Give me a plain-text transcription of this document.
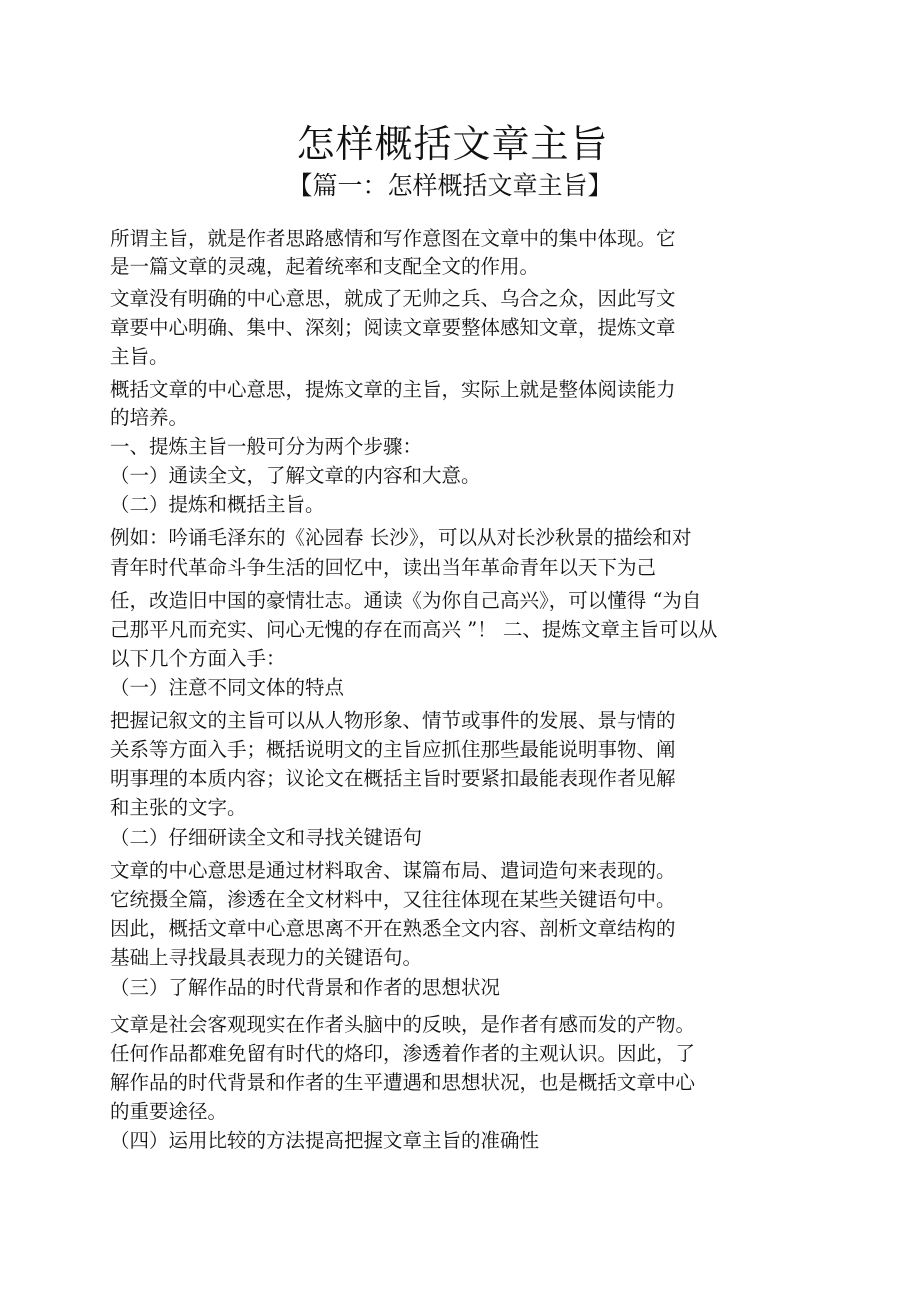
怎样概括文章主旨
【篇一：怎样概括文章主旨】
所谓主旨，就是作者思路感情和写作意图在文章中的集中体现。它
是一篇文章的灵魂，起着统率和支配全文的作用。
文章没有明确的中心意思，就成了无帅之兵、乌合之众，因此写文
章要中心明确、集中、深刻；阅读文章要整体感知文章，提炼文章
主旨。
概括文章的中心意思，提炼文章的主旨，实际上就是整体阅读能力
的培养。
一、提炼主旨一般可分为两个步骤：
（一）通读全文，了解文章的内容和大意。
（二）提炼和概括主旨。
例如：吟诵毛泽东的《沁园春 长沙》，可以从对长沙秋景的描绘和对
青年时代革命斗争生活的回忆中，读出当年革命青年以天下为己
任，改造旧中国的豪情壮志。通读《为你自己高兴》，可以懂得 “为自
己那平凡而充实、问心无愧的存在而高兴 ”！ 二、提炼文章主旨可以从
以下几个方面入手：
（一）注意不同文体的特点
把握记叙文的主旨可以从人物形象、情节或事件的发展、景与情的
关系等方面入手；概括说明文的主旨应抓住那些最能说明事物、阐
明事理的本质内容；议论文在概括主旨时要紧扣最能表现作者见解
和主张的文字。
（二）仔细研读全文和寻找关键语句
文章的中心意思是通过材料取舍、谋篇布局、遣词造句来表现的。
它统摄全篇，渗透在全文材料中，又往往体现在某些关键语句中。
因此，概括文章中心意思离不开在熟悉全文内容、剖析文章结构的
基础上寻找最具表现力的关键语句。
（三）了解作品的时代背景和作者的思想状况
文章是社会客观现实在作者头脑中的反映，是作者有感而发的产物。
任何作品都难免留有时代的烙印，渗透着作者的主观认识。因此，了
解作品的时代背景和作者的生平遭遇和思想状况，也是概括文章中心
的重要途径。
（四）运用比较的方法提高把握文章主旨的准确性
